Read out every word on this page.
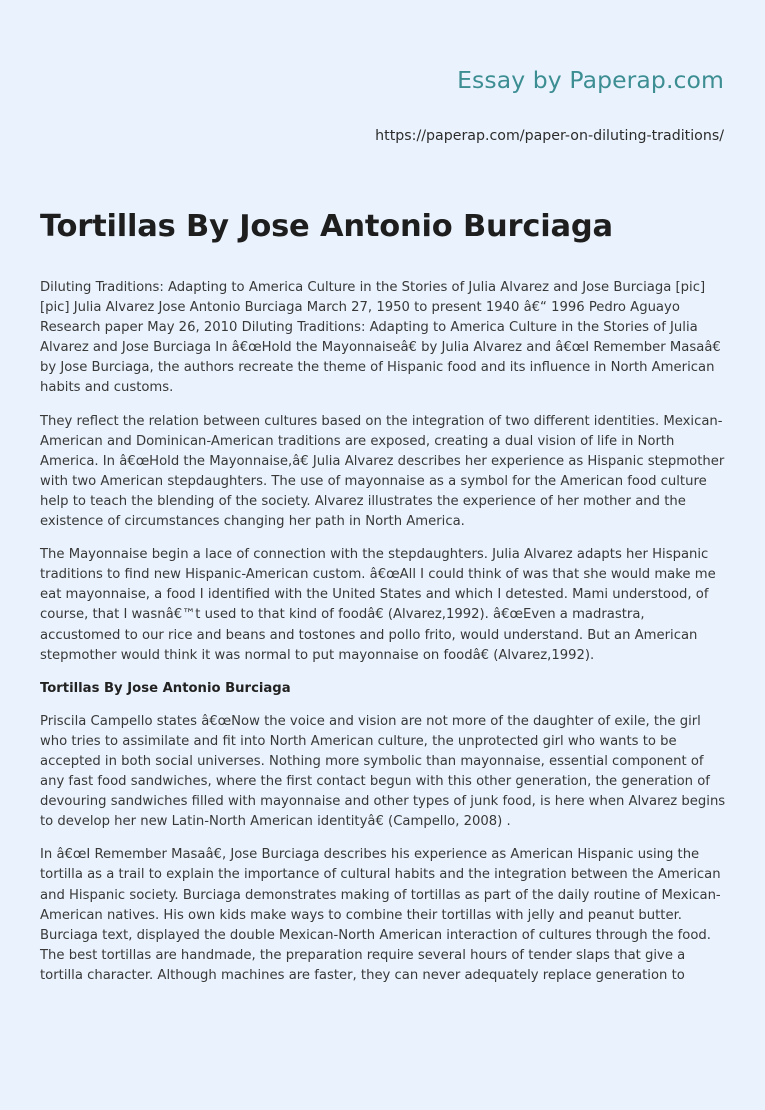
Essay by Paperap.com
https://paperap.com/paper-on-diluting-traditions/
Tortillas By Jose Antonio Burciaga

Diluting Traditions: Adapting to America Culture in the Stories of Julia Alvarez and Jose Burciaga [pic] [pic] Julia Alvarez Jose Antonio Burciaga March 27, 1950 to present 1940 â€“ 1996 Pedro Aguayo Research paper May 26, 2010 Diluting Traditions: Adapting to America Culture in the Stories of Julia Alvarez and Jose Burciaga In â€œHold the Mayonnaiseâ€ by Julia Alvarez and â€œI Remember Masaâ€ by Jose Burciaga, the authors recreate the theme of Hispanic food and its influence in North American habits and customs.

They reflect the relation between cultures based on the integration of two different identities. Mexican-American and Dominican-American traditions are exposed, creating a dual vision of life in North America. In â€œHold the Mayonnaise,â€ Julia Alvarez describes her experience as Hispanic stepmother with two American stepdaughters. The use of mayonnaise as a symbol for the American food culture help to teach the blending of the society. Alvarez illustrates the experience of her mother and the existence of circumstances changing her path in North America.

The Mayonnaise begin a lace of connection with the stepdaughters. Julia Alvarez adapts her Hispanic traditions to find new Hispanic-American custom. â€œAll I could think of was that she would make me eat mayonnaise, a food I identified with the United States and which I detested. Mami understood, of course, that I wasnâ€™t used to that kind of foodâ€ (Alvarez,1992). â€œEven a madrastra, accustomed to our rice and beans and tostones and pollo frito, would understand. But an American stepmother would think it was normal to put mayonnaise on foodâ€ (Alvarez,1992).

Tortillas By Jose Antonio Burciaga

Priscila Campello states â€œNow the voice and vision are not more of the daughter of exile, the girl who tries to assimilate and fit into North American culture, the unprotected girl who wants to be accepted in both social universes. Nothing more symbolic than mayonnaise, essential component of any fast food sandwiches, where the first contact begun with this other generation, the generation of devouring sandwiches filled with mayonnaise and other types of junk food, is here when Alvarez begins to develop her new Latin-North American identityâ€ (Campello, 2008) .

In â€œI Remember Masaâ€, Jose Burciaga describes his experience as American Hispanic using the tortilla as a trail to explain the importance of cultural habits and the integration between the American and Hispanic society. Burciaga demonstrates making of tortillas as part of the daily routine of Mexican-American natives. His own kids make ways to combine their tortillas with jelly and peanut butter. Burciaga text, displayed the double Mexican-North American interaction of cultures through the food. The best tortillas are handmade, the preparation require several hours of tender slaps that give a tortilla character. Although machines are faster, they can never adequately replace generation to
